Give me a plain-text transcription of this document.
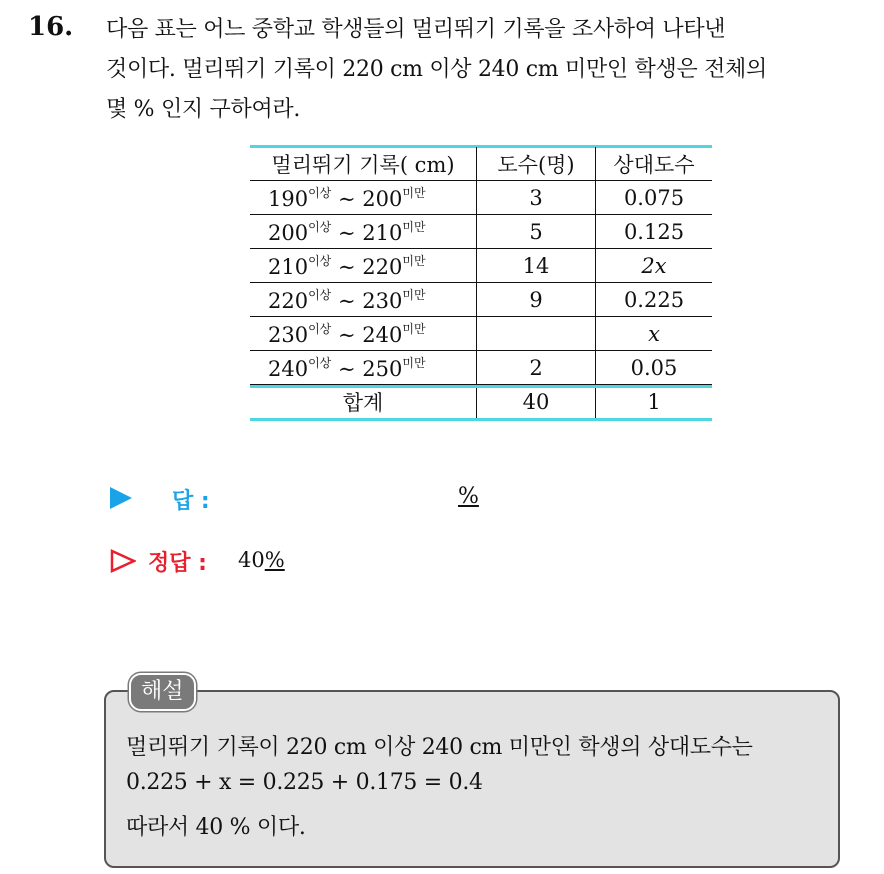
16. 다음 표는 어느 중학교 학생들의 멀리뛰기 기록을 조사하여 나타낸
것이다. 멀리뛰기 기록이 220 cm 이상 240 cm 미만인 학생은 전체의
몇 % 인지 구하여라.
멀리뛰기 기록( cm)	도수(명)	상대도수
$190^{이상}$ ∼ $200^{미만}$	3	0.075
$200^{이상}$ ∼ $210^{미만}$	5	0.125
$210^{이상}$ ∼ $220^{미만}$	14	2x
$220^{이상}$ ∼ $230^{미만}$	9	0.225
$230^{이상}$ ∼ $240^{미만}$		x
$240^{이상}$ ∼ $250^{미만}$	2	0.05
합계	40	1
답 :	%
정답 : 40%
해설
멀리뛰기 기록이 220 cm 이상 240 cm 미만인 학생의 상대도수는
0.225 + x = 0.225 + 0.175 = 0.4
따라서 40 % 이다.
